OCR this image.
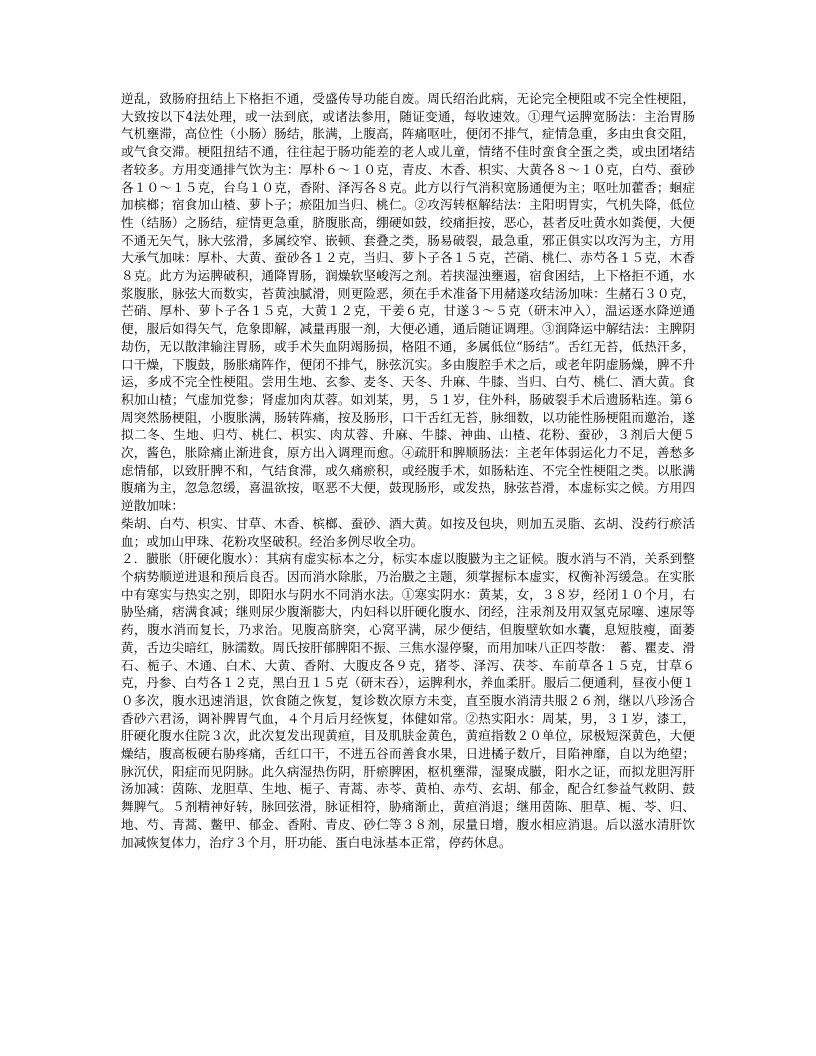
逆乱，致肠府扭结上下格拒不通，受盛传导功能自废。周氏绍治此病，无论完全梗阻或不完全性梗阻，大致按以下4法处理，或一法到底，或诸法参用，随证变通，每收速效。①理气运脾宽肠法：主治胃肠气机壅滞，高位性（小肠）肠结，胀满，上腹高，阵痛呕吐，便闭不排气，症情急重，多由虫食交阻，或气食交滞。梗阻扭结不通，往往起于肠功能差的老人或儿童，情绪不佳时蛮食全蛋之类，或虫团堵结者较多。方用变通排气饮为主：厚朴６～１０克，青皮、木香、枳实、大黄各８～１０克，白芍、蚕砂各１０～１５克，台乌１０克，香附、泽泻各８克。此方以行气消积宽肠通便为主；呕吐加藿香；蛔症加槟榔；宿食加山楂、萝卜子；瘀阻加当归、桃仁。②攻泻转枢解结法：主阳明胃实，气机失降，低位性（结肠）之肠结，症情更急重，脐腹胀高，绷硬如鼓，绞痛拒按，恶心，甚者反吐黄水如粪便，大便不通无矢气，脉大弦滑，多属绞窄、嵌顿、套叠之类，肠易破裂，最急重，邪正俱实以攻泻为主，方用大承气加味：厚朴、大黄、蚕砂各１２克，当归、萝卜子各１５克，芒硝、桃仁、赤芍各１５克，木香８克。此方为运脾破积，通降胃肠，润燥软坚峻泻之剂。若挟湿浊壅遏，宿食困结，上下格拒不通，水浆腹胀，脉弦大而数实，苔黄浊腻滑，则更险恶，须在手术准备下用赭遂攻结汤加味：生赭石３０克，芒硝、厚朴、萝卜子各１５克，大黄１２克，干姜６克，甘遂３～５克（研末冲入），温运逐水降逆通便，服后如得矢气，危象即解，减量再服一剂，大便必通，通后随证调理。③润降运中解结法：主脾阴劫伤，无以散津输注胃肠，或手术失血阴竭肠损，格阻不通，多属低位“肠结”。舌红无苔，低热汗多，口干燥，下腹鼓，肠胀痛阵作，便闭不排气，脉弦沉实。多由腹腔手术之后，或老年阴虚肠燥，脾不升运，多成不完全性梗阻。尝用生地、玄参、麦冬、天冬、升麻、牛膝、当归、白芍、桃仁、酒大黄。食积加山楂；气虚加党参；肾虚加肉苁蓉。如刘某，男，５１岁，住外科，肠破裂手术后遗肠粘连。第６周突然肠梗阻，小腹胀满，肠转阵痛，按及肠形，口干舌红无苔，脉细数，以功能性肠梗阻而邀治，遂拟二冬、生地、归芍、桃仁、枳实、肉苁蓉、升麻、牛膝、神曲、山楂、花粉、蚕砂，３剂后大便５次，酱色，胀除痛止渐进食，原方出入调理而愈。④疏肝和脾顺肠法：主老年体弱运化力不足，善愁多虑情郁，以致肝脾不和，气结食滞，或久痛瘀积，或经腹手术，如肠粘连、不完全性梗阻之类。以胀满腹痛为主，忽急忽缓，喜温欲按，呕恶不大便，鼓现肠形，或发热，脉弦苔滑，本虚标实之候。方用四逆散加味：

柴胡、白芍、枳实、甘草、木香、槟榔、蚕砂、酒大黄。如按及包块，则加五灵脂、玄胡、没药行瘀活血；或加山甲珠、花粉攻坚破积。经治多例尽收全功。

２．臌胀（肝硬化腹水）：其病有虚实标本之分，标实本虚以腹臌为主之证候。腹水消与不消，关系到整个病势顺逆进退和预后良否。因而消水除胀，乃治臌之主题，须掌握标本虚实，权衡补泻缓急。在实胀中有寒实与热实之别，即阳水与阴水不同消水法。①寒实阴水：黄某，女，３８岁，经闭１０个月，右胁坠痛，痞满食减；继则尿少腹渐膨大，内妇科以肝硬化腹水、闭经，注汞剂及用双氢克尿噻、速尿等药，腹水消而复长，乃求治。见腹高脐突，心窝平满，尿少便结，但腹壁软如水囊，息短肢瘦，面萎黄，舌边尖暗红，脉濡数。周氏按肝郁脾阳不振、三焦水湿停聚，而用加味八正四苓散：　蓄、瞿麦、滑石、栀子、木通、白术、大黄、香附、大腹皮各９克，猪苓、泽泻、茯苓、车前草各１５克，甘草６克，丹参、白芍各１２克，黑白丑１５克（研末吞），运脾利水，养血柔肝。服后二便通利，昼夜小便１０多次，腹水迅速消退，饮食随之恢复，复诊数次原方未变，直至腹水消清共服２６剂，继以八珍汤合香砂六君汤，调补脾胃气血，４个月后月经恢复，体健如常。②热实阳水：周某，男，３１岁，漆工，肝硬化腹水住院３次，此次复发出现黄疸，目及肌肤金黄色，黄疸指数２０单位，尿极短深黄色，大便燥结，腹高板硬右胁疼痛，舌红口干，不进五谷而善食水果，日进橘子数斤，目陷神靡，自以为绝望；脉沉伏，阳症而见阴脉。此久病湿热伤阴，肝瘀脾困，枢机壅滞，湿聚成臌，阳水之证，而拟龙胆泻肝汤加减：茵陈、龙胆草、生地、栀子、青蒿、赤苓、黄柏、赤芍、玄胡、郁金，配合红参益气救阴、鼓舞脾气。５剂精神好转，脉回弦滑，脉证相符，胁痛渐止，黄疸消退；继用茵陈、胆草、栀、苓、归、地、芍、青蒿、鳖甲、郁金、香附、青皮、砂仁等３８剂，尿量日增，腹水相应消退。后以滋水清肝饮加减恢复体力，治疗３个月，肝功能、蛋白电泳基本正常，停药休息。
